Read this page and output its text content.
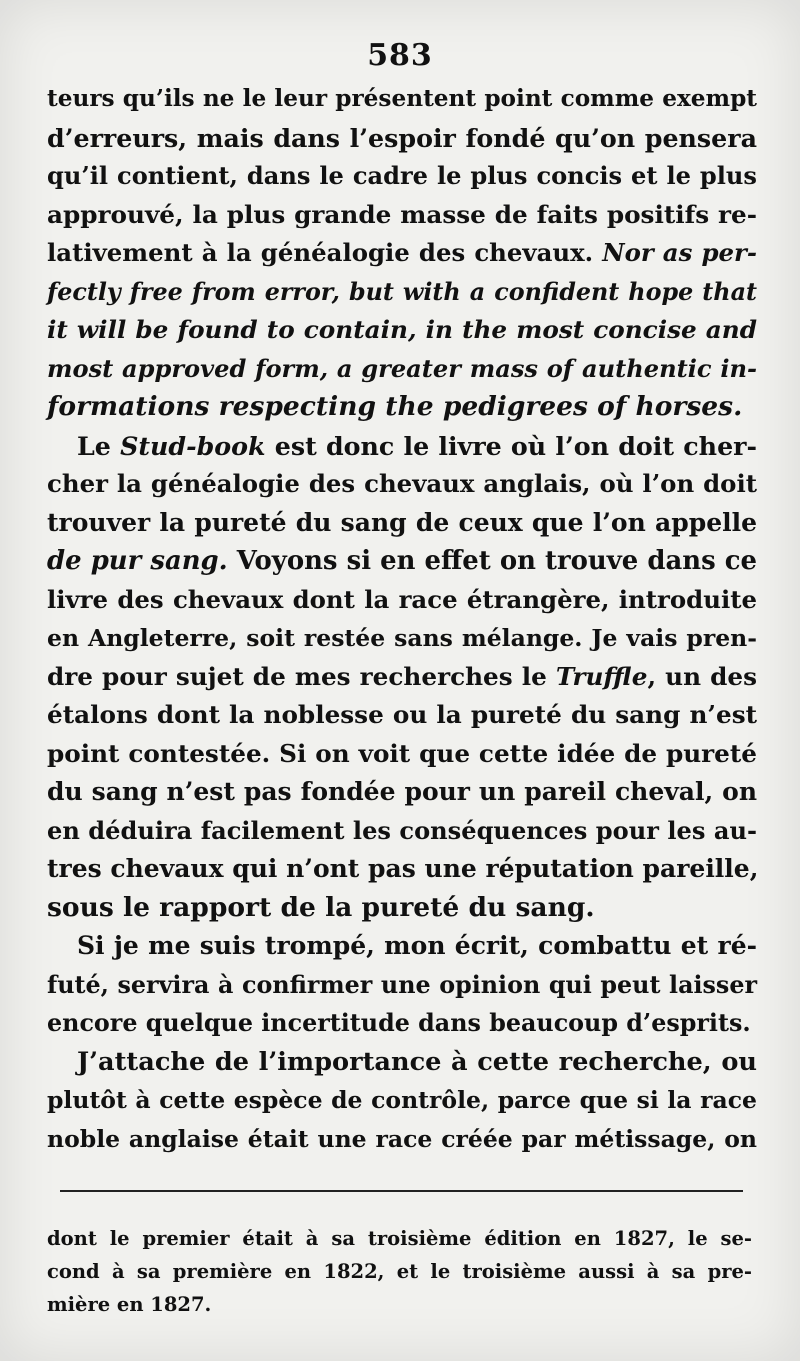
583
teurs qu’ils ne le leur présentent point comme exempt
d’erreurs, mais dans l’espoir fondé qu’on pensera
qu’il contient, dans le cadre le plus concis et le plus
approuvé, la plus grande masse de faits positifs re-
lativement à la généalogie des chevaux. Nor as per-
fectly free from error, but with a confident hope that
it will be found to contain, in the most concise and
most approved form, a greater mass of authentic in-
formations respecting the pedigrees of horses.
Le Stud-book est donc le livre où l’on doit cher-
cher la généalogie des chevaux anglais, où l’on doit
trouver la pureté du sang de ceux que l’on appelle
de pur sang. Voyons si en effet on trouve dans ce
livre des chevaux dont la race étrangère, introduite
en Angleterre, soit restée sans mélange. Je vais pren-
dre pour sujet de mes recherches le Truffle, un des
étalons dont la noblesse ou la pureté du sang n’est
point contestée. Si on voit que cette idée de pureté
du sang n’est pas fondée pour un pareil cheval, on
en déduira facilement les conséquences pour les au-
tres chevaux qui n’ont pas une réputation pareille,
sous le rapport de la pureté du sang.
Si je me suis trompé, mon écrit, combattu et ré-
futé, servira à confirmer une opinion qui peut laisser
encore quelque incertitude dans beaucoup d’esprits.
J’attache de l’importance à cette recherche, ou
plutôt à cette espèce de contrôle, parce que si la race
noble anglaise était une race créée par métissage, on
dont le premier était à sa troisième édition en 1827, le se-
cond à sa première en 1822, et le troisième aussi à sa pre-
mière en 1827.
